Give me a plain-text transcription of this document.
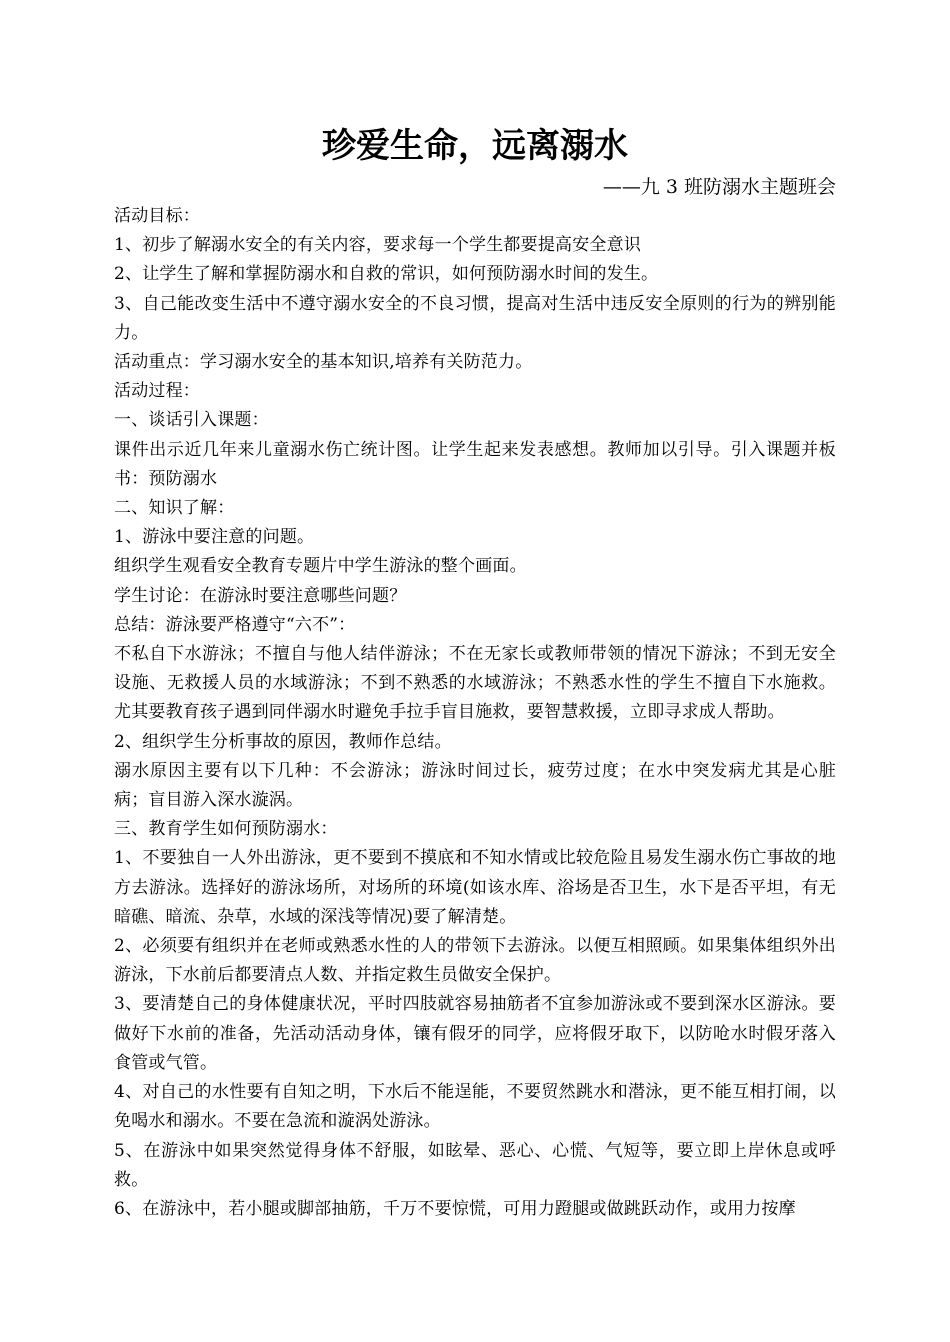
珍爱生命，远离溺水
——九 3 班防溺水主题班会

活动目标：

1、初步了解溺水安全的有关内容，要求每一个学生都要提高安全意识

2、让学生了解和掌握防溺水和自救的常识，如何预防溺水时间的发生。

3、自己能改变生活中不遵守溺水安全的不良习惯，提高对生活中违反安全原则的行为的辨别能力。

活动重点：学习溺水安全的基本知识,培养有关防范力。

活动过程：

一、谈话引入课题：

课件出示近几年来儿童溺水伤亡统计图。让学生起来发表感想。教师加以引导。引入课题并板书：预防溺水

二、知识了解：

1、游泳中要注意的问题。

组织学生观看安全教育专题片中学生游泳的整个画面。

学生讨论：在游泳时要注意哪些问题？

总结：游泳要严格遵守“六不”：

不私自下水游泳；不擅自与他人结伴游泳；不在无家长或教师带领的情况下游泳；不到无安全设施、无救援人员的水域游泳；不到不熟悉的水域游泳；不熟悉水性的学生不擅自下水施救。尤其要教育孩子遇到同伴溺水时避免手拉手盲目施救，要智慧救援，立即寻求成人帮助。

2、组织学生分析事故的原因，教师作总结。

溺水原因主要有以下几种：不会游泳；游泳时间过长，疲劳过度；在水中突发病尤其是心脏病；盲目游入深水漩涡。

三、教育学生如何预防溺水：

1、不要独自一人外出游泳，更不要到不摸底和不知水情或比较危险且易发生溺水伤亡事故的地方去游泳。选择好的游泳场所，对场所的环境(如该水库、浴场是否卫生，水下是否平坦，有无暗礁、暗流、杂草，水域的深浅等情况)要了解清楚。

2、必须要有组织并在老师或熟悉水性的人的带领下去游泳。以便互相照顾。如果集体组织外出游泳，下水前后都要清点人数、并指定救生员做安全保护。

3、要清楚自己的身体健康状况，平时四肢就容易抽筋者不宜参加游泳或不要到深水区游泳。要做好下水前的准备，先活动活动身体，镶有假牙的同学，应将假牙取下，以防呛水时假牙落入食管或气管。

4、对自己的水性要有自知之明，下水后不能逞能，不要贸然跳水和潜泳，更不能互相打闹，以免喝水和溺水。不要在急流和漩涡处游泳。

5、在游泳中如果突然觉得身体不舒服，如眩晕、恶心、心慌、气短等，要立即上岸休息或呼救。

6、在游泳中，若小腿或脚部抽筋，千万不要惊慌，可用力蹬腿或做跳跃动作，或用力按摩
